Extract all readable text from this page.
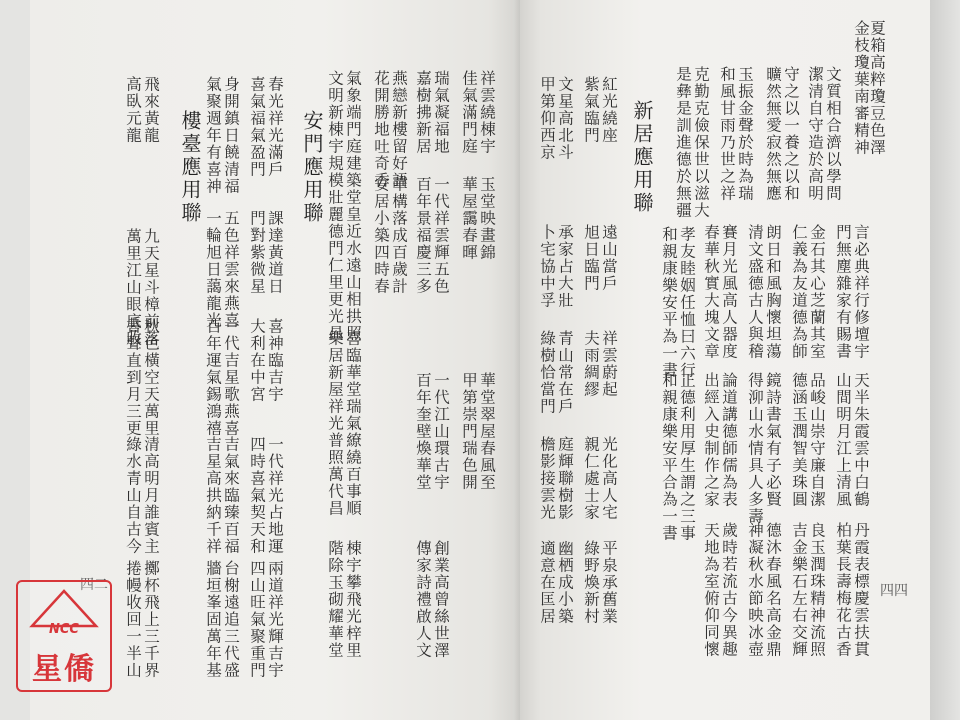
夏箱高粹瓊豆色澤
金枝瓊葉南審精神
文質相合濟以學問
潔清自守造於高明
守之以一養之以和
曠然無愛寂然無應
玉振金聲於時為瑞
和風甘雨乃世之祥
克勤克儉保世以滋大
是彝是訓進德於無疆
言必典祥行修壇宇
門無塵雜家有賜書
金石其心芝蘭其室
仁義為友道德為師
朗日和風胸懷坦蕩
清文盛德古人與稽
賽月光風高人器度
春華秋實大塊文章
孝友睦姻任恤曰六行
和親康樂安平為一書
天半朱霞雲中白鶴
山間明月江上清風
品峻山崇守廉自潔
德涵玉潤智美珠圓
鏡詩書氣有子必賢
得泖山水情具人多壽
論道講德師儒為表
出經入史制作之家
正德利用厚生謂之三事
和親康樂安平合為一書
丹霞表標慶雲扶貫
柏葉長壽梅花古香
良玉潤珠精神流照
吉金樂石左右交輝
德沐春風名高金鼎
神凝秋水節映冰壺
歲時若流古今異趣
天地為室俯仰同懷
新居應用聯
紅光繞座
紫氣臨門
文星高北斗
甲第仰西京
遠山當戶
旭日臨門
承家占大壯
卜宅協中孚
祥雲蔚起
夫雨綢繆
青山常在戶
綠樹恰當門
光化高人宅
親仁處士家
庭輝聯樹影
檐影接雲光
平泉承舊業
綠野煥新村
幽栖成小築
適意在匡居	四四
祥雲繞棟宇
佳氣滿門庭
瑞氣凝福地
嘉樹拂新居
玉堂映畫錦
華屋靄春暉
華堂翠屋春風至
甲第崇門瑞色開
燕戀新樓留好語
花開勝地吐奇香
氣象端門庭建築堂皇近水遠山相拱照
文明新棟宇規模壯麗德門仁里更光昌	一代祥雲輝五色
百年景福慶三多
華構落成百歲計
安居小築四時春
喜臨華堂瑞氣繚繞百事順
樂居新屋祥光普照萬代昌	一代江山環古宇
百年奎壁煥華堂
安門應用聯
春光祥光滿戶
喜氣福氣盈門
身開鎮日饒清福
氣聚週年有喜神
樓臺應用聯
飛來黃龍
高臥元龍
課達黃道日
門對紫微星
五色祥雲來燕喜
一輪旭日藹龍光
九天星斗樟前落
萬里江山眼底收
喜神臨吉宇
大利在中宮
一代吉星歌燕喜
百年運氣錫鴻禧
秋色橫空天萬里
書聲直到月三更
一代祥光占地運
四時喜氣契天和
吉氣來臨臻百福
吉星高拱納千祥
清高明月誰賓主
綠水青山自古今
棟宇攀飛光梓里
階除玉砌耀華堂	創業高曾絲世澤
傳家詩禮啟人文
兩道祥光輝吉宇
四山旺氣聚重門
台榭遠追三代盛
牆垣峯固萬年基
擲杯飛上三千界
捲幔收回一半山
四二
NCC
星僑
